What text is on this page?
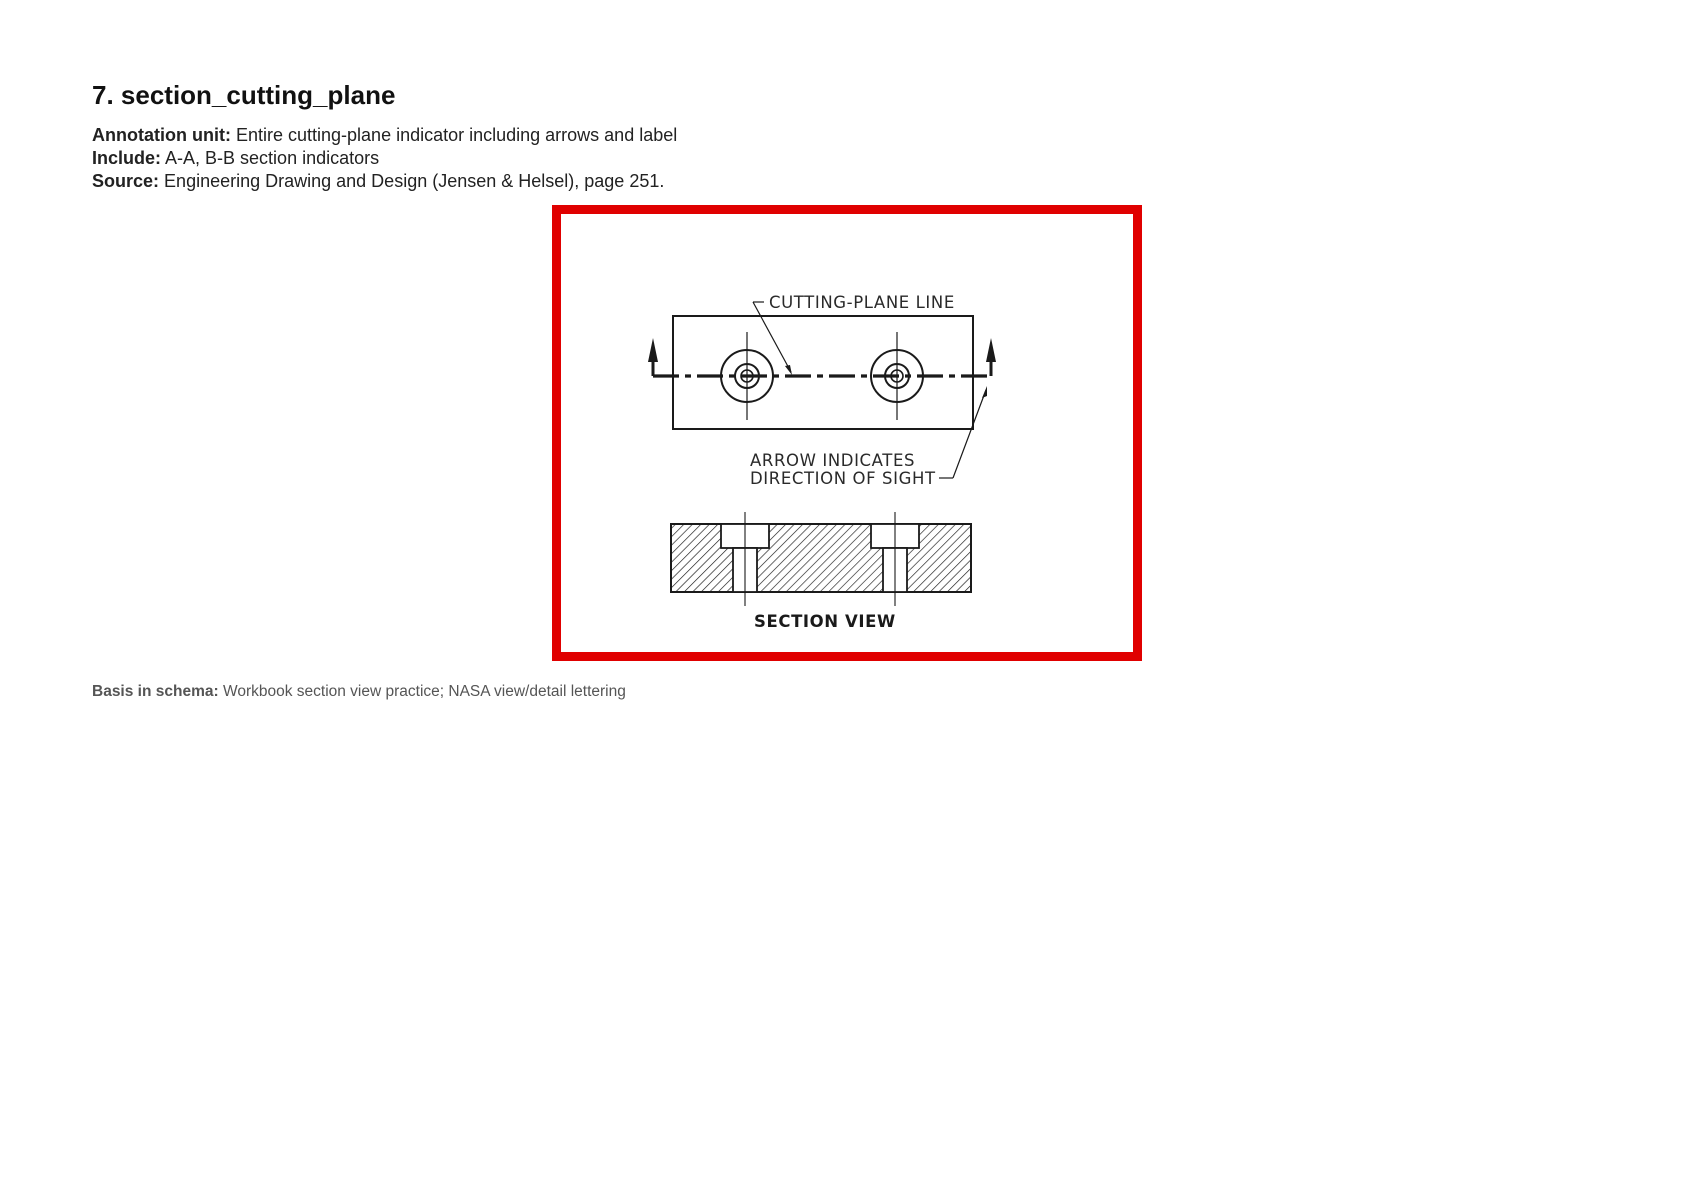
7. section_cutting_plane
Annotation unit: Entire cutting-plane indicator including arrows and label
Include: A-A, B-B section indicators
Source: Engineering Drawing and Design (Jensen & Helsel), page 251.
CUTTING-PLANE LINE
ARROW INDICATES
DIRECTION OF SIGHT
SECTION VIEW
Basis in schema: Workbook section view practice; NASA view/detail lettering
